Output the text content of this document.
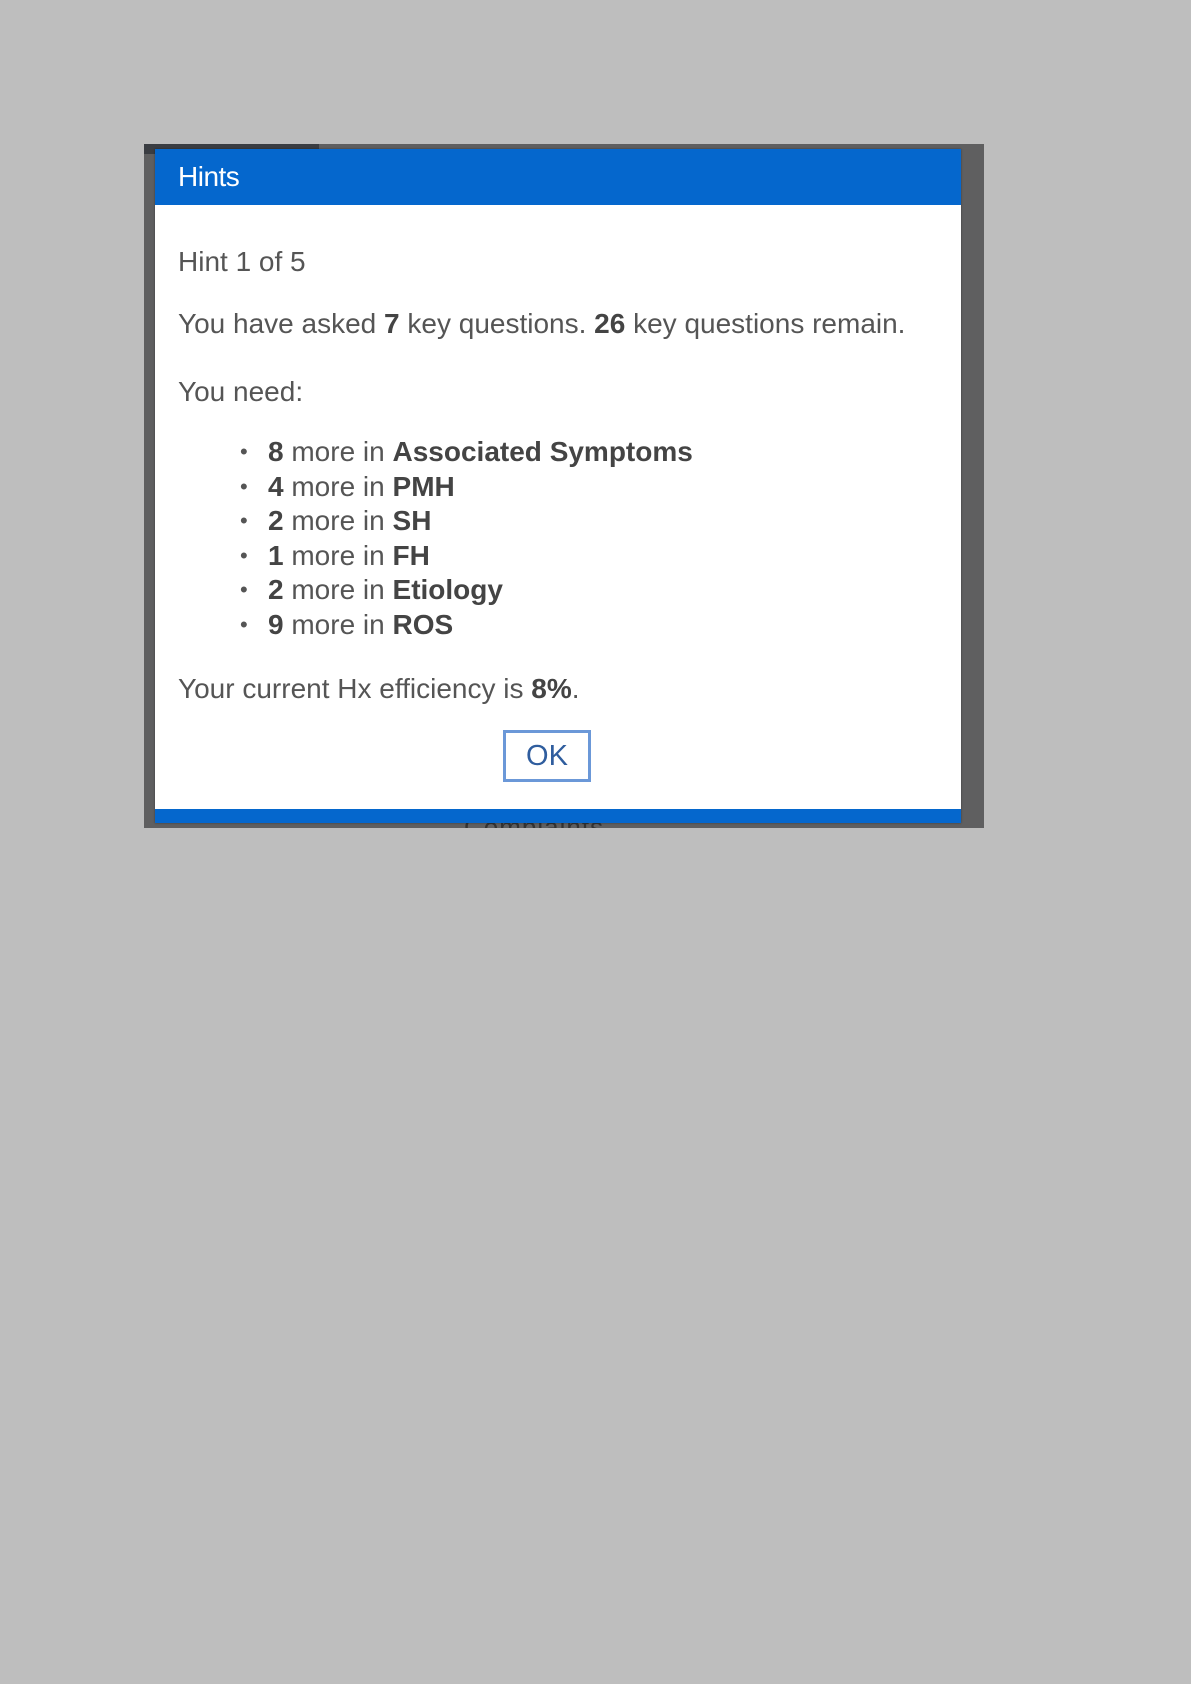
Hints

Hint 1 of 5

You have asked 7 key questions. 26 key questions remain.

You need:

• 8 more in Associated Symptoms
• 4 more in PMH
• 2 more in SH
• 1 more in FH
• 2 more in Etiology
• 9 more in ROS

Your current Hx efficiency is 8%.

OK
